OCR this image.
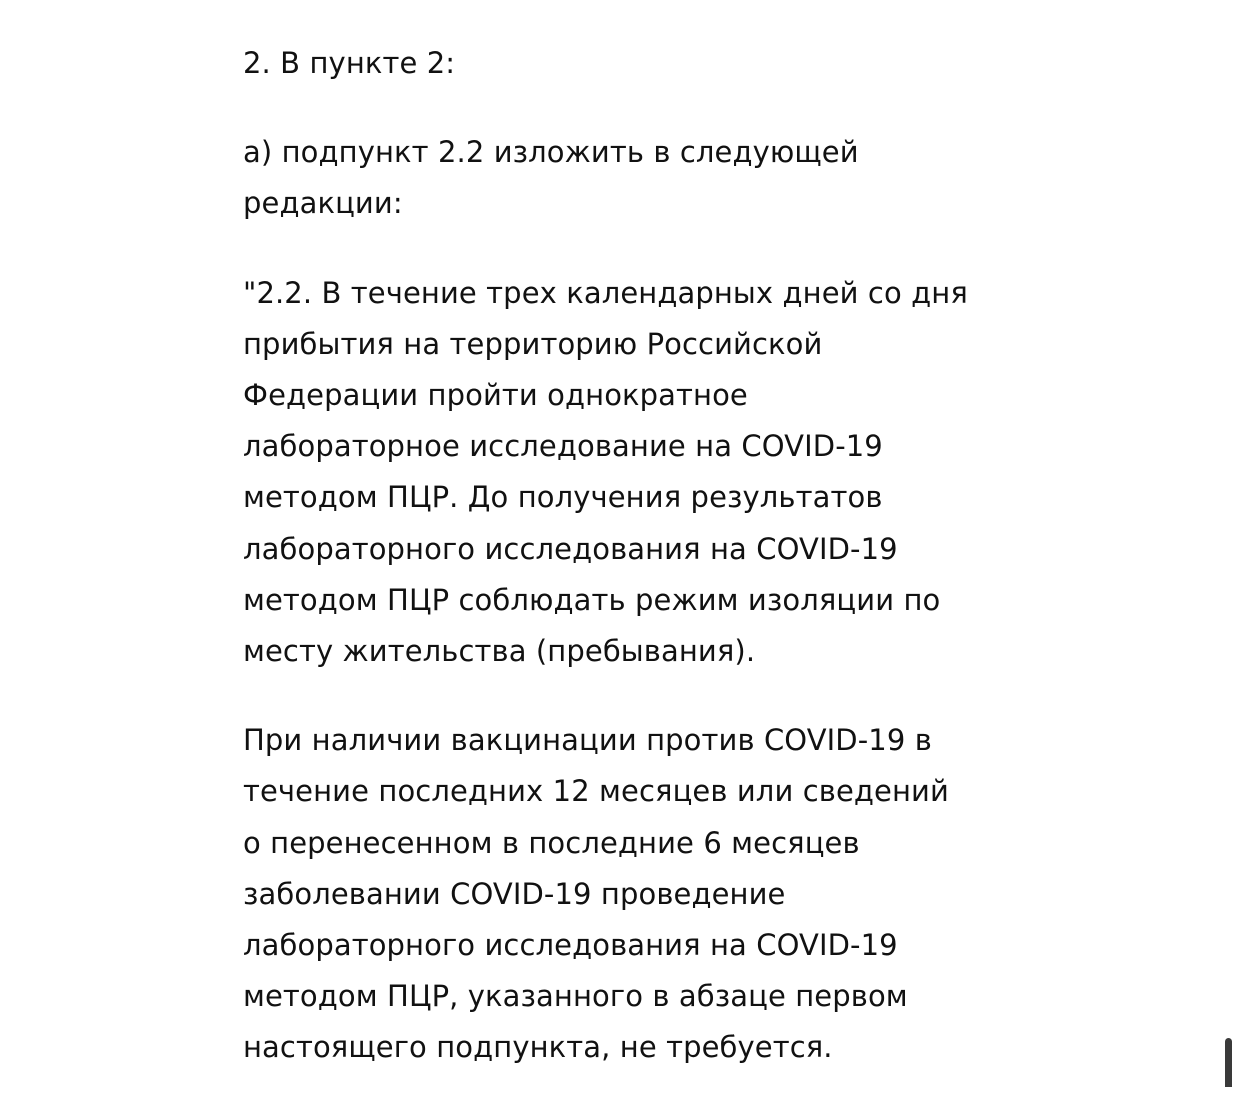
2. В пункте 2:

а) подпункт 2.2 изложить в следующей
редакции:

"2.2. В течение трех календарных дней со дня
прибытия на территорию Российской
Федерации пройти однократное
лабораторное исследование на COVID-19
методом ПЦР. До получения результатов
лабораторного исследования на COVID-19
методом ПЦР соблюдать режим изоляции по
месту жительства (пребывания).

При наличии вакцинации против COVID-19 в
течение последних 12 месяцев или сведений
о перенесенном в последние 6 месяцев
заболевании COVID-19 проведение
лабораторного исследования на COVID-19
методом ПЦР, указанного в абзаце первом
настоящего подпункта, не требуется.
